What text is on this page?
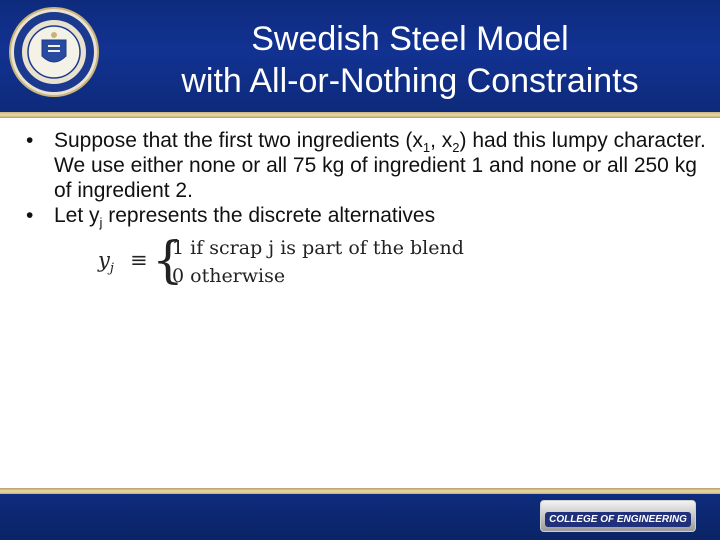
Swedish Steel Model
with All-or-Nothing Constraints
• Suppose that the first two ingredients ($x_1$, $x_2$) had this lumpy character. We use either none or all 75 kg of ingredient 1 and none or all 250 kg of ingredient 2.
• Let $y_j$ represents the discrete alternatives
$y_j$ ≡ {
1 if scrap j is part of the blend
0 otherwise
COLLEGE OF ENGINEERING
